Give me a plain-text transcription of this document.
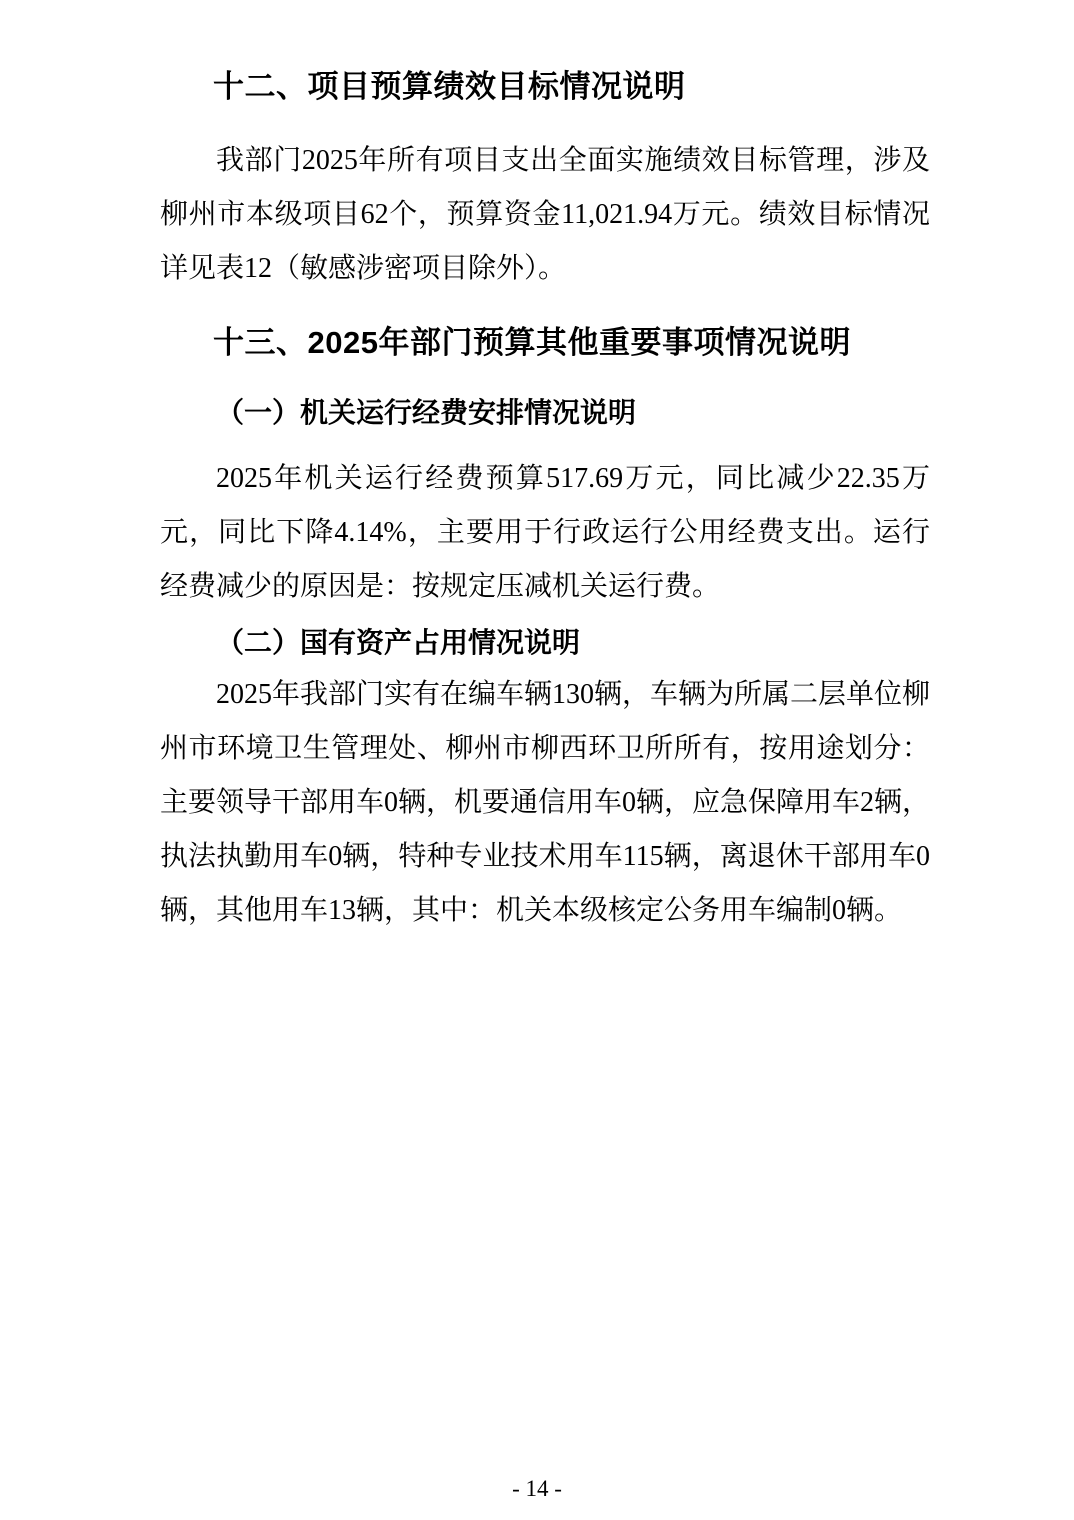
十二、项目预算绩效目标情况说明

我部门2025年所有项目支出全面实施绩效目标管理，涉及柳州市本级项目62个，预算资金11,021.94万元。绩效目标情况详见表12（敏感涉密项目除外）。

十三、2025年部门预算其他重要事项情况说明
（一）机关运行经费安排情况说明

2025年机关运行经费预算517.69万元，同比减少22.35万元，同比下降4.14%，主要用于行政运行公用经费支出。运行经费减少的原因是：按规定压减机关运行费。

（二）国有资产占用情况说明

2025年我部门实有在编车辆130辆，车辆为所属二层单位柳州市环境卫生管理处、柳州市柳西环卫所所有，按用途划分：主要领导干部用车0辆，机要通信用车0辆，应急保障用车2辆，执法执勤用车0辆，特种专业技术用车115辆，离退休干部用车0辆，其他用车13辆，其中：机关本级核定公务用车编制0辆。

- 14 -
